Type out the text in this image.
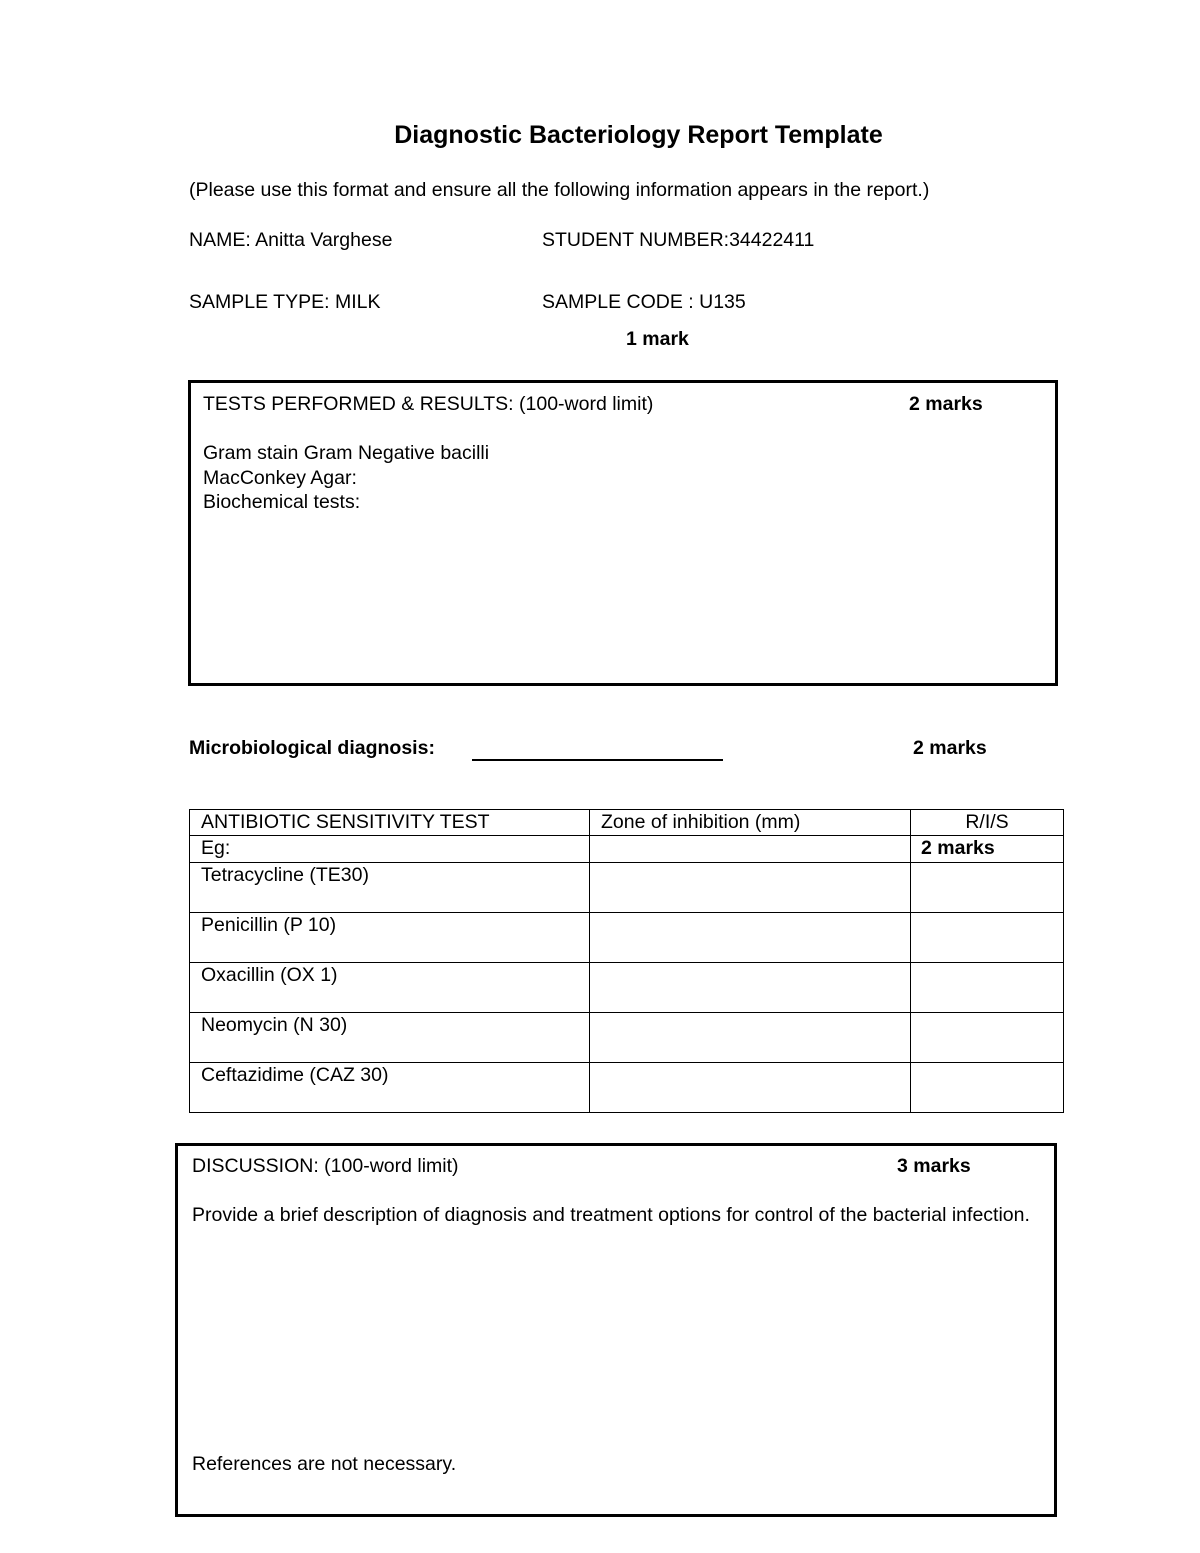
Diagnostic Bacteriology Report Template
(Please use this format and ensure all the following information appears in the report.)
NAME: Anitta Varghese	STUDENT NUMBER:34422411
SAMPLE TYPE: MILK	SAMPLE CODE : U135
1 mark
TESTS PERFORMED & RESULTS: (100-word limit)	2 marks
Gram stain Gram Negative bacilli
MacConkey Agar:
Biochemical tests:
Microbiological diagnosis:	2 marks
ANTIBIOTIC SENSITIVITY TEST	Zone of inhibition (mm)	R/I/S
Eg:		2 marks
Tetracycline (TE30)		
Penicillin (P 10)		
Oxacillin (OX 1)		
Neomycin (N 30)		
Ceftazidime (CAZ 30)		
DISCUSSION: (100-word limit)	3 marks
Provide a brief description of diagnosis and treatment options for control of the bacterial infection.
References are not necessary.
